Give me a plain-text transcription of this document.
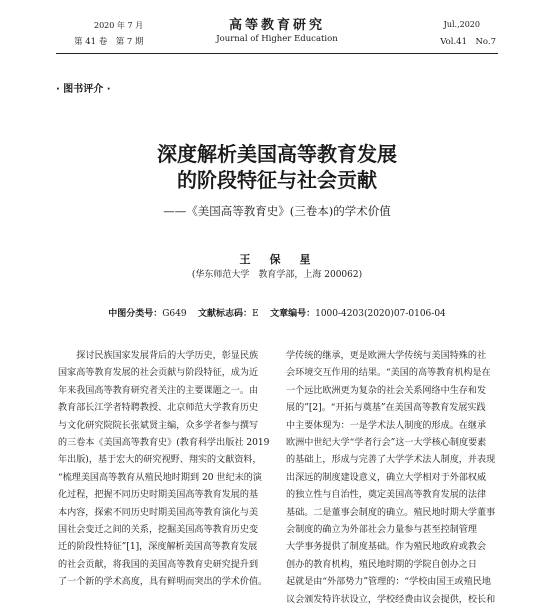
2020 年 7 月
第 41 卷　第 7 期
高等教育研究
Journal of Higher Education
Jul.,2020
Vol.41　No.7
· 图书评介 ·
深度解析美国高等教育发展
的阶段特征与社会贡献
——《美国高等教育史》(三卷本)的学术价值
王　保　星
(华东师范大学　教育学部，上海 200062)
中图分类号：G649 文献标志码：E 文章编号：1000-4203(2020)07-0106-04
　　探讨民族国家发展背后的大学历史，彰显民族
国家高等教育发展的社会贡献与阶段特征，成为近
年来我国高等教育研究者关注的主要课题之一。由
教育部长江学者特聘教授、北京师范大学教育历史
与文化研究院院长张斌贤主编，众多学者参与撰写
的三卷本《美国高等教育史》(教育科学出版社 2019
年出版)，基于宏大的研究视野、翔实的文献资料，
“梳理美国高等教育从殖民地时期到 20 世纪末的演
化过程，把握不同历史时期美国高等教育发展的基
本内容，探索不同历史时期美国高等教育演化与美
国社会变迁之间的关系，挖掘美国高等教育历史变
迁的阶段性特征”[1]，深度解析美国高等教育发展
的社会贡献，将我国的美国高等教育史研究提升到
了一个新的学术高度，具有鲜明而突出的学术价值。
学传统的继承，更是欧洲大学传统与美国特殊的社
会环境交互作用的结果。“美国的高等教育机构是在
一个远比欧洲更为复杂的社会关系网络中生存和发
展的”[2]。“开拓与奠基”在美国高等教育发展实践
中主要体现为：一是学术法人制度的形成。在继承
欧洲中世纪大学“学者行会”这一大学核心制度要素
的基础上，形成与完善了大学学术法人制度，并表现
出深远的制度建设意义，确立大学相对于外部权威
的独立性与自治性，奠定美国高等教育发展的法律
基础。二是董事会制度的确立。殖民地时期大学董事
会制度的确立为外部社会力量参与甚至控制管理
大学事务提供了制度基础。作为殖民地政府或教会
创办的教育机构，殖民地时期的学院自创办之日
起就是由“外部势力”管理的：“学校由国王或殖民地
议会颁发特许状设立，学校经费由议会提供，校长和
